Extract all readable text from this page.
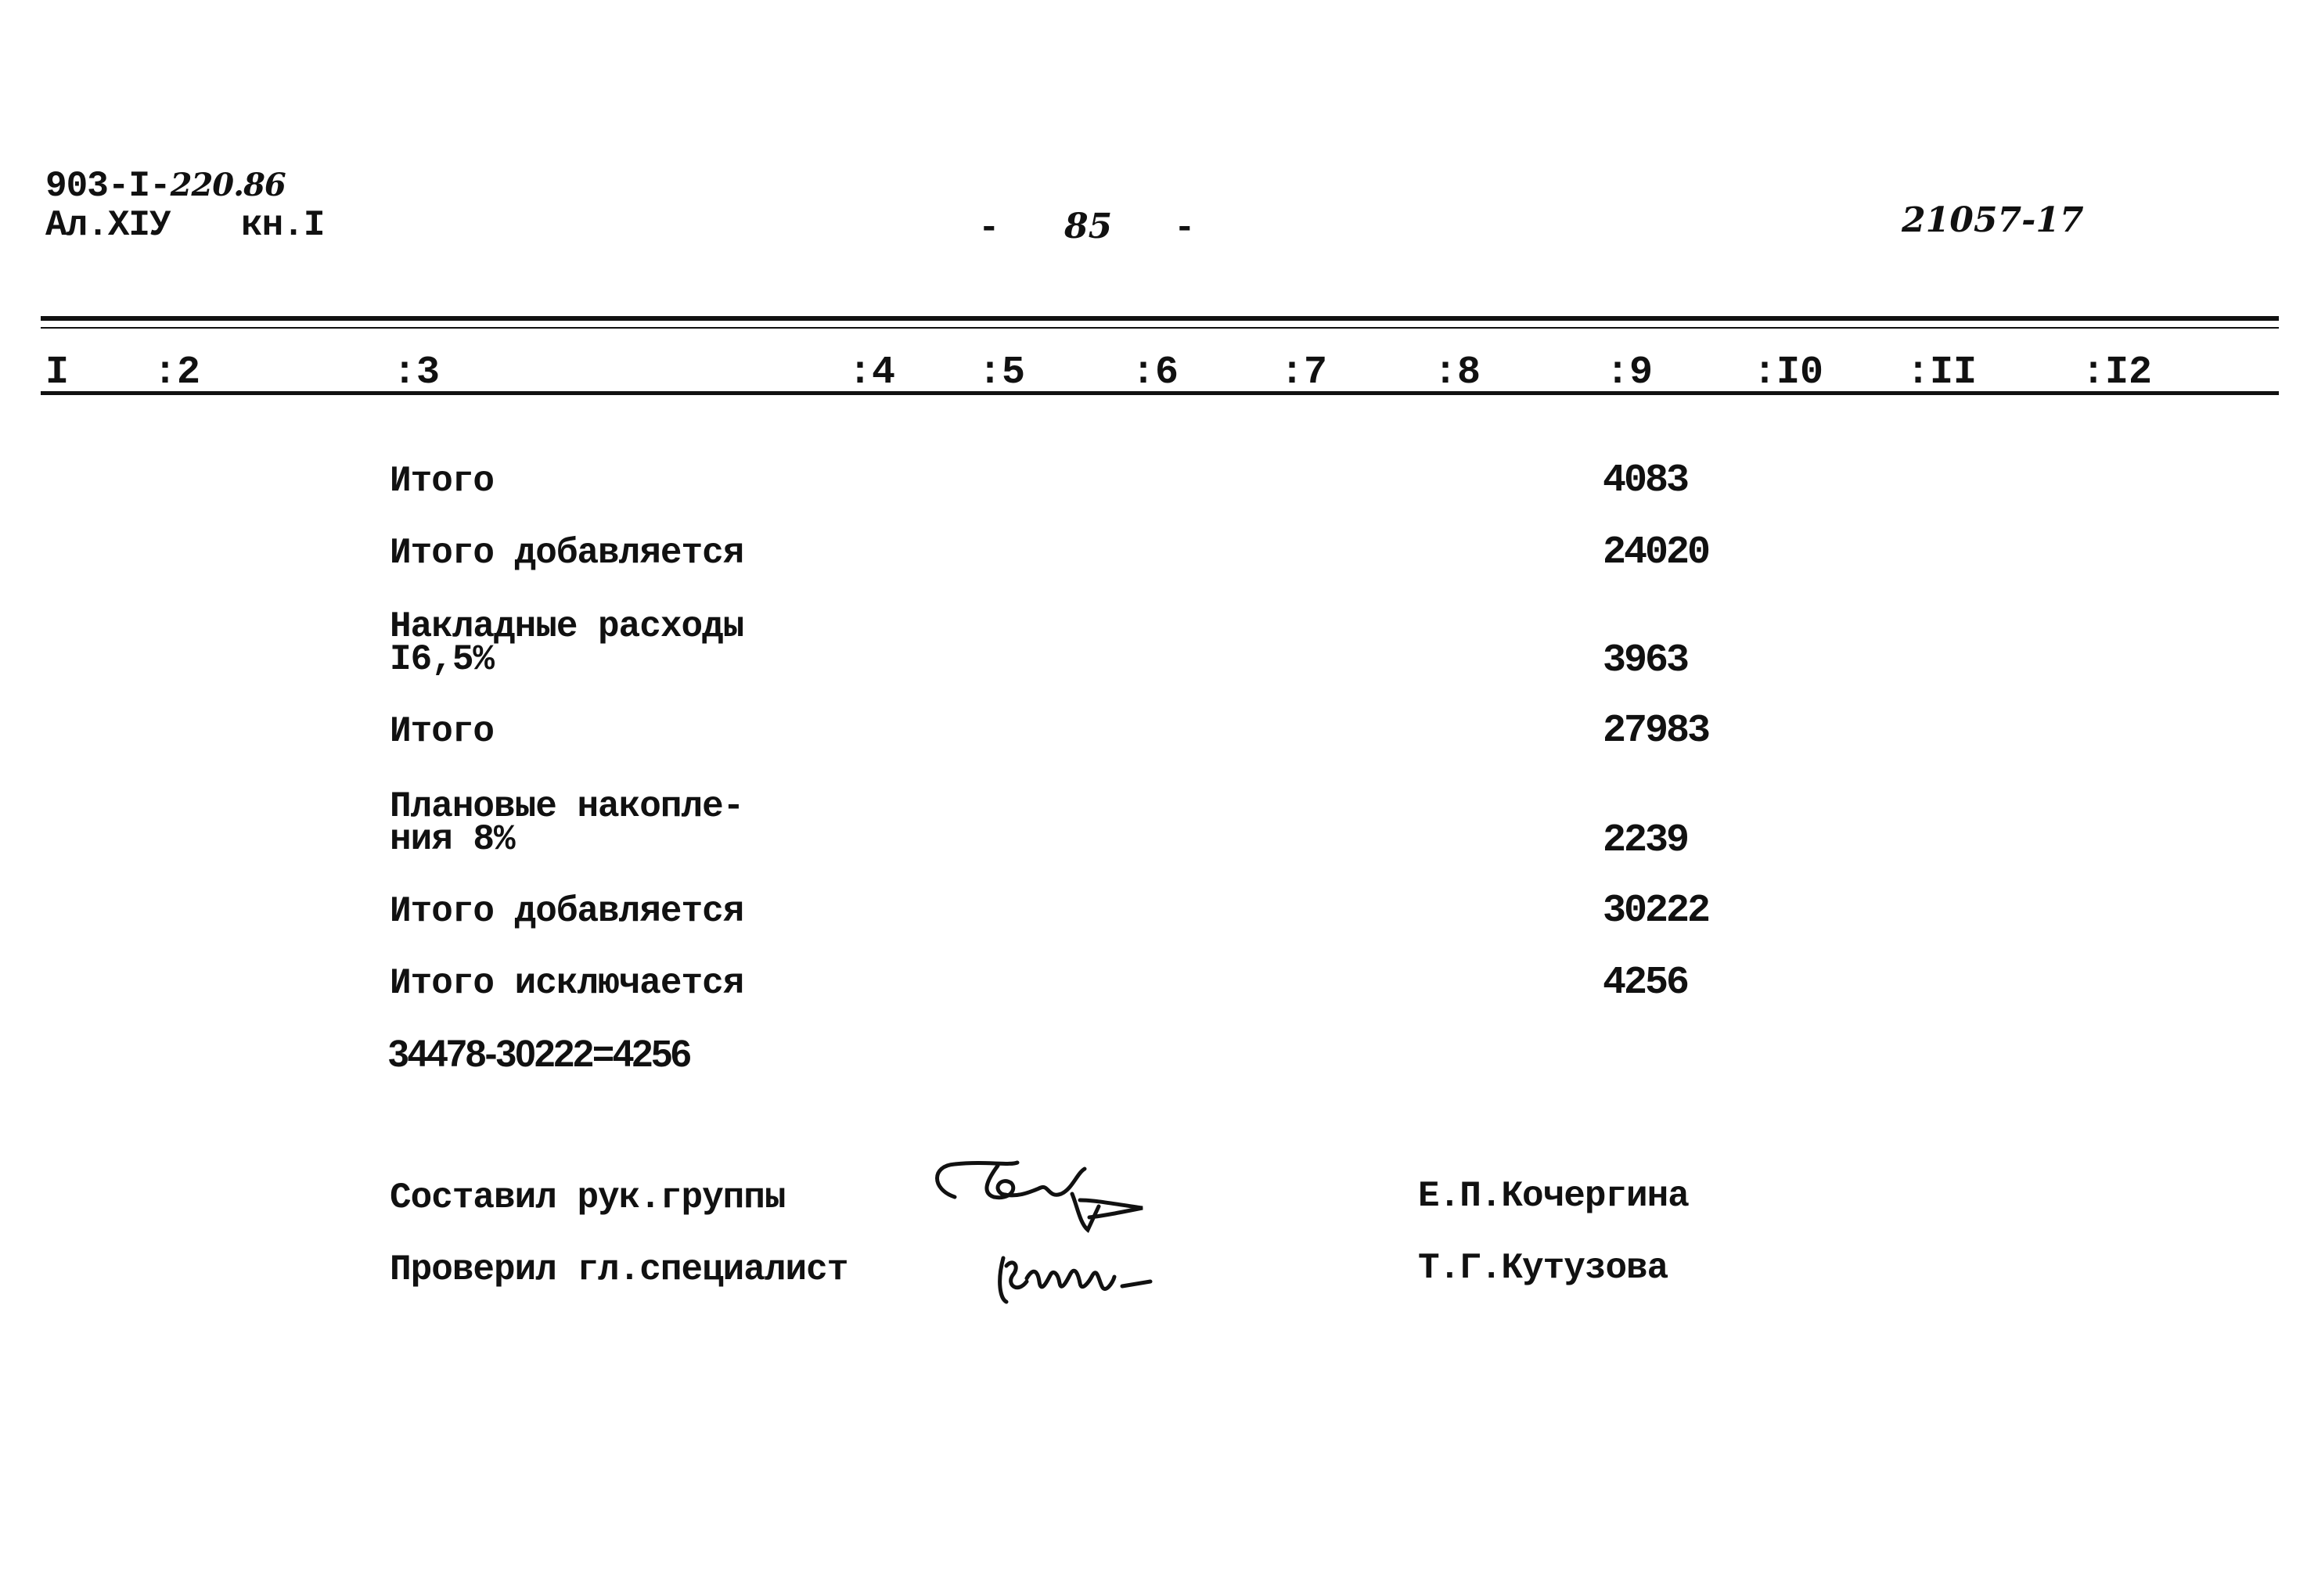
903-I-220.86
Ал.XIУ кн.I	- 85 -	21057-17
I :2	:3	:4 :5	:6	:7	:8	:9	:I0 :II	:I2
Итого	4083
Итого добавляется	24020
Накладные расходы
I6,5%	3963
Итого	27983
Плановые накопле-
ния 8%	2239
Итого добавляется	30222
Итого исключается	4256
34478-30222=4256
Составил рук.группы
Проверил гл.специалист
Е.П.Кочергина
Т.Г.Кутузова
